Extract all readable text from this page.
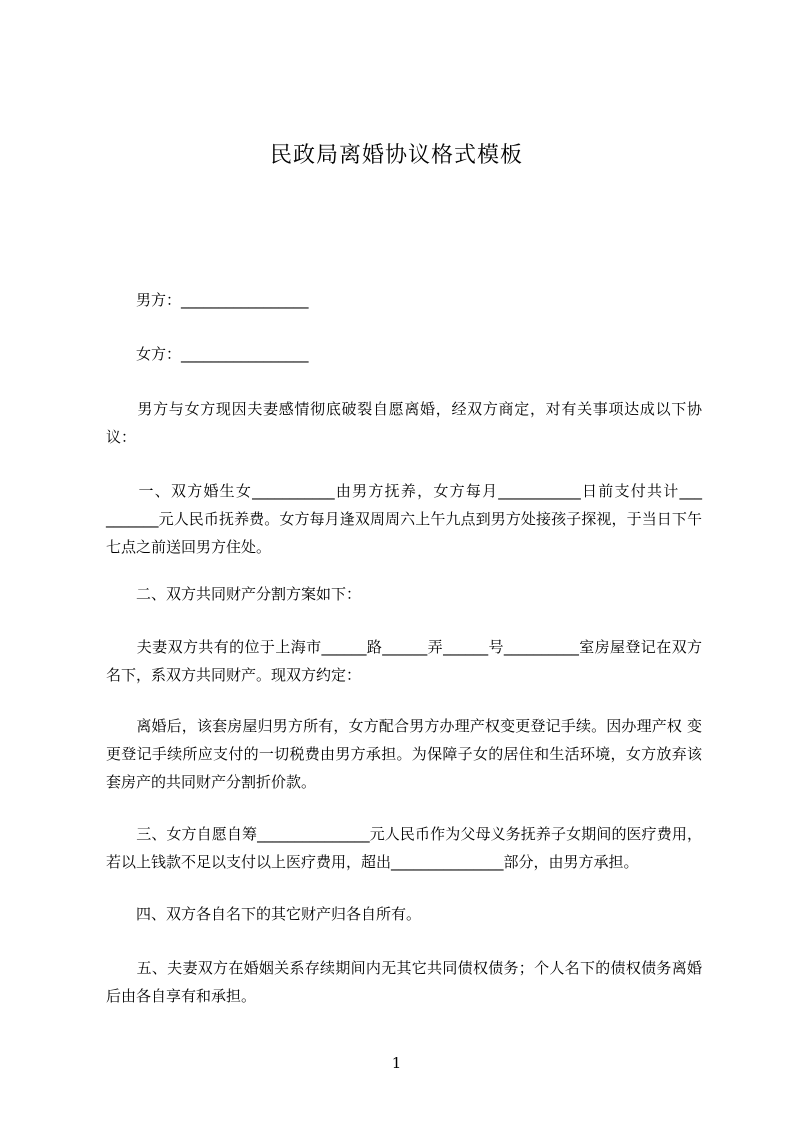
民政局离婚协议格式模板

　　男方：_________________

　　女方：_________________

　　男方与女方现因夫妻感情彻底破裂自愿离婚，经双方商定，对有关事项达成以下协议：

　　一、双方婚生女___________由男方抚养，女方每月___________日前支付共计___ _______元人民币抚养费。女方每月逢双周周六上午九点到男方处接孩子探视，于当日下午七点之前送回男方住处。

　　二、双方共同财产分割方案如下：

　　夫妻双方共有的位于上海市______路______弄______号__________室房屋登记在双方名下，系双方共同财产。现双方约定：

　　离婚后，该套房屋归男方所有，女方配合男方办理产权变更登记手续。因办理产权 变更登记手续所应支付的一切税费由男方承担。为保障子女的居住和生活环境，女方放弃该套房产的共同财产分割折价款。

　　三、女方自愿自筹_______________元人民币作为父母义务抚养子女期间的医疗费用，若以上钱款不足以支付以上医疗费用，超出_______________部分，由男方承担。

　　四、双方各自名下的其它财产归各自所有。

　　五、夫妻双方在婚姻关系存续期间内无其它共同债权债务；个人名下的债权债务离婚后由各自享有和承担。

1
